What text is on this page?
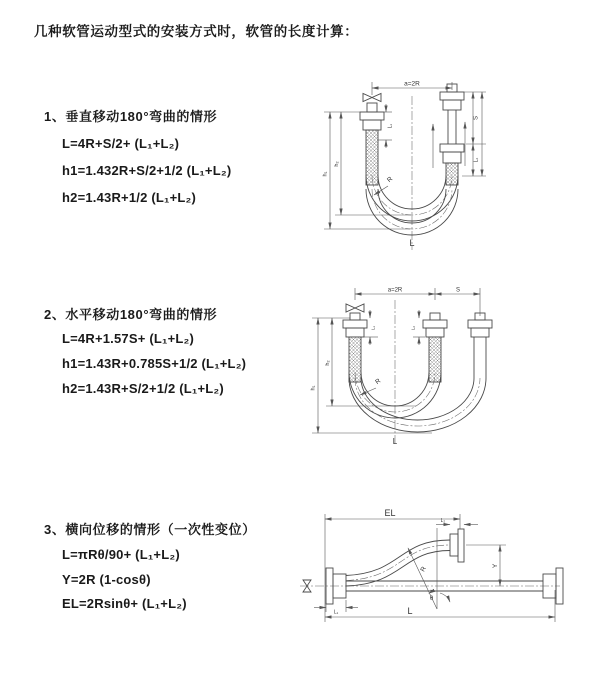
几种软管运动型式的安装方式时，软管的长度计算：
1、垂直移动180°弯曲的情形
L=4R+S/2+ (L₁+L₂)
h1=1.432R+S/2+1/2 (L₁+L₂)
h2=1.43R+1/2 (L₁+L₂)
2、水平移动180°弯曲的情形
L=4R+1.57S+ (L₁+L₂)
h1=1.43R+0.785S+1/2 (L₁+L₂)
h2=1.43R+S/2+1/2 (L₁+L₂)
3、横向位移的情形（一次性变位）
L=πRθ/90+ (L₁+L₂)
Y=2R (1-cosθ)
EL=2Rsinθ+ (L₁+L₂)
a=2R
h₁
h₂
L₁
S
L₂
R
L
a=2R	S
h₁
h₂
L₁	L₂
R
L
EL
L₂
Y
θ
R
L
L₁
